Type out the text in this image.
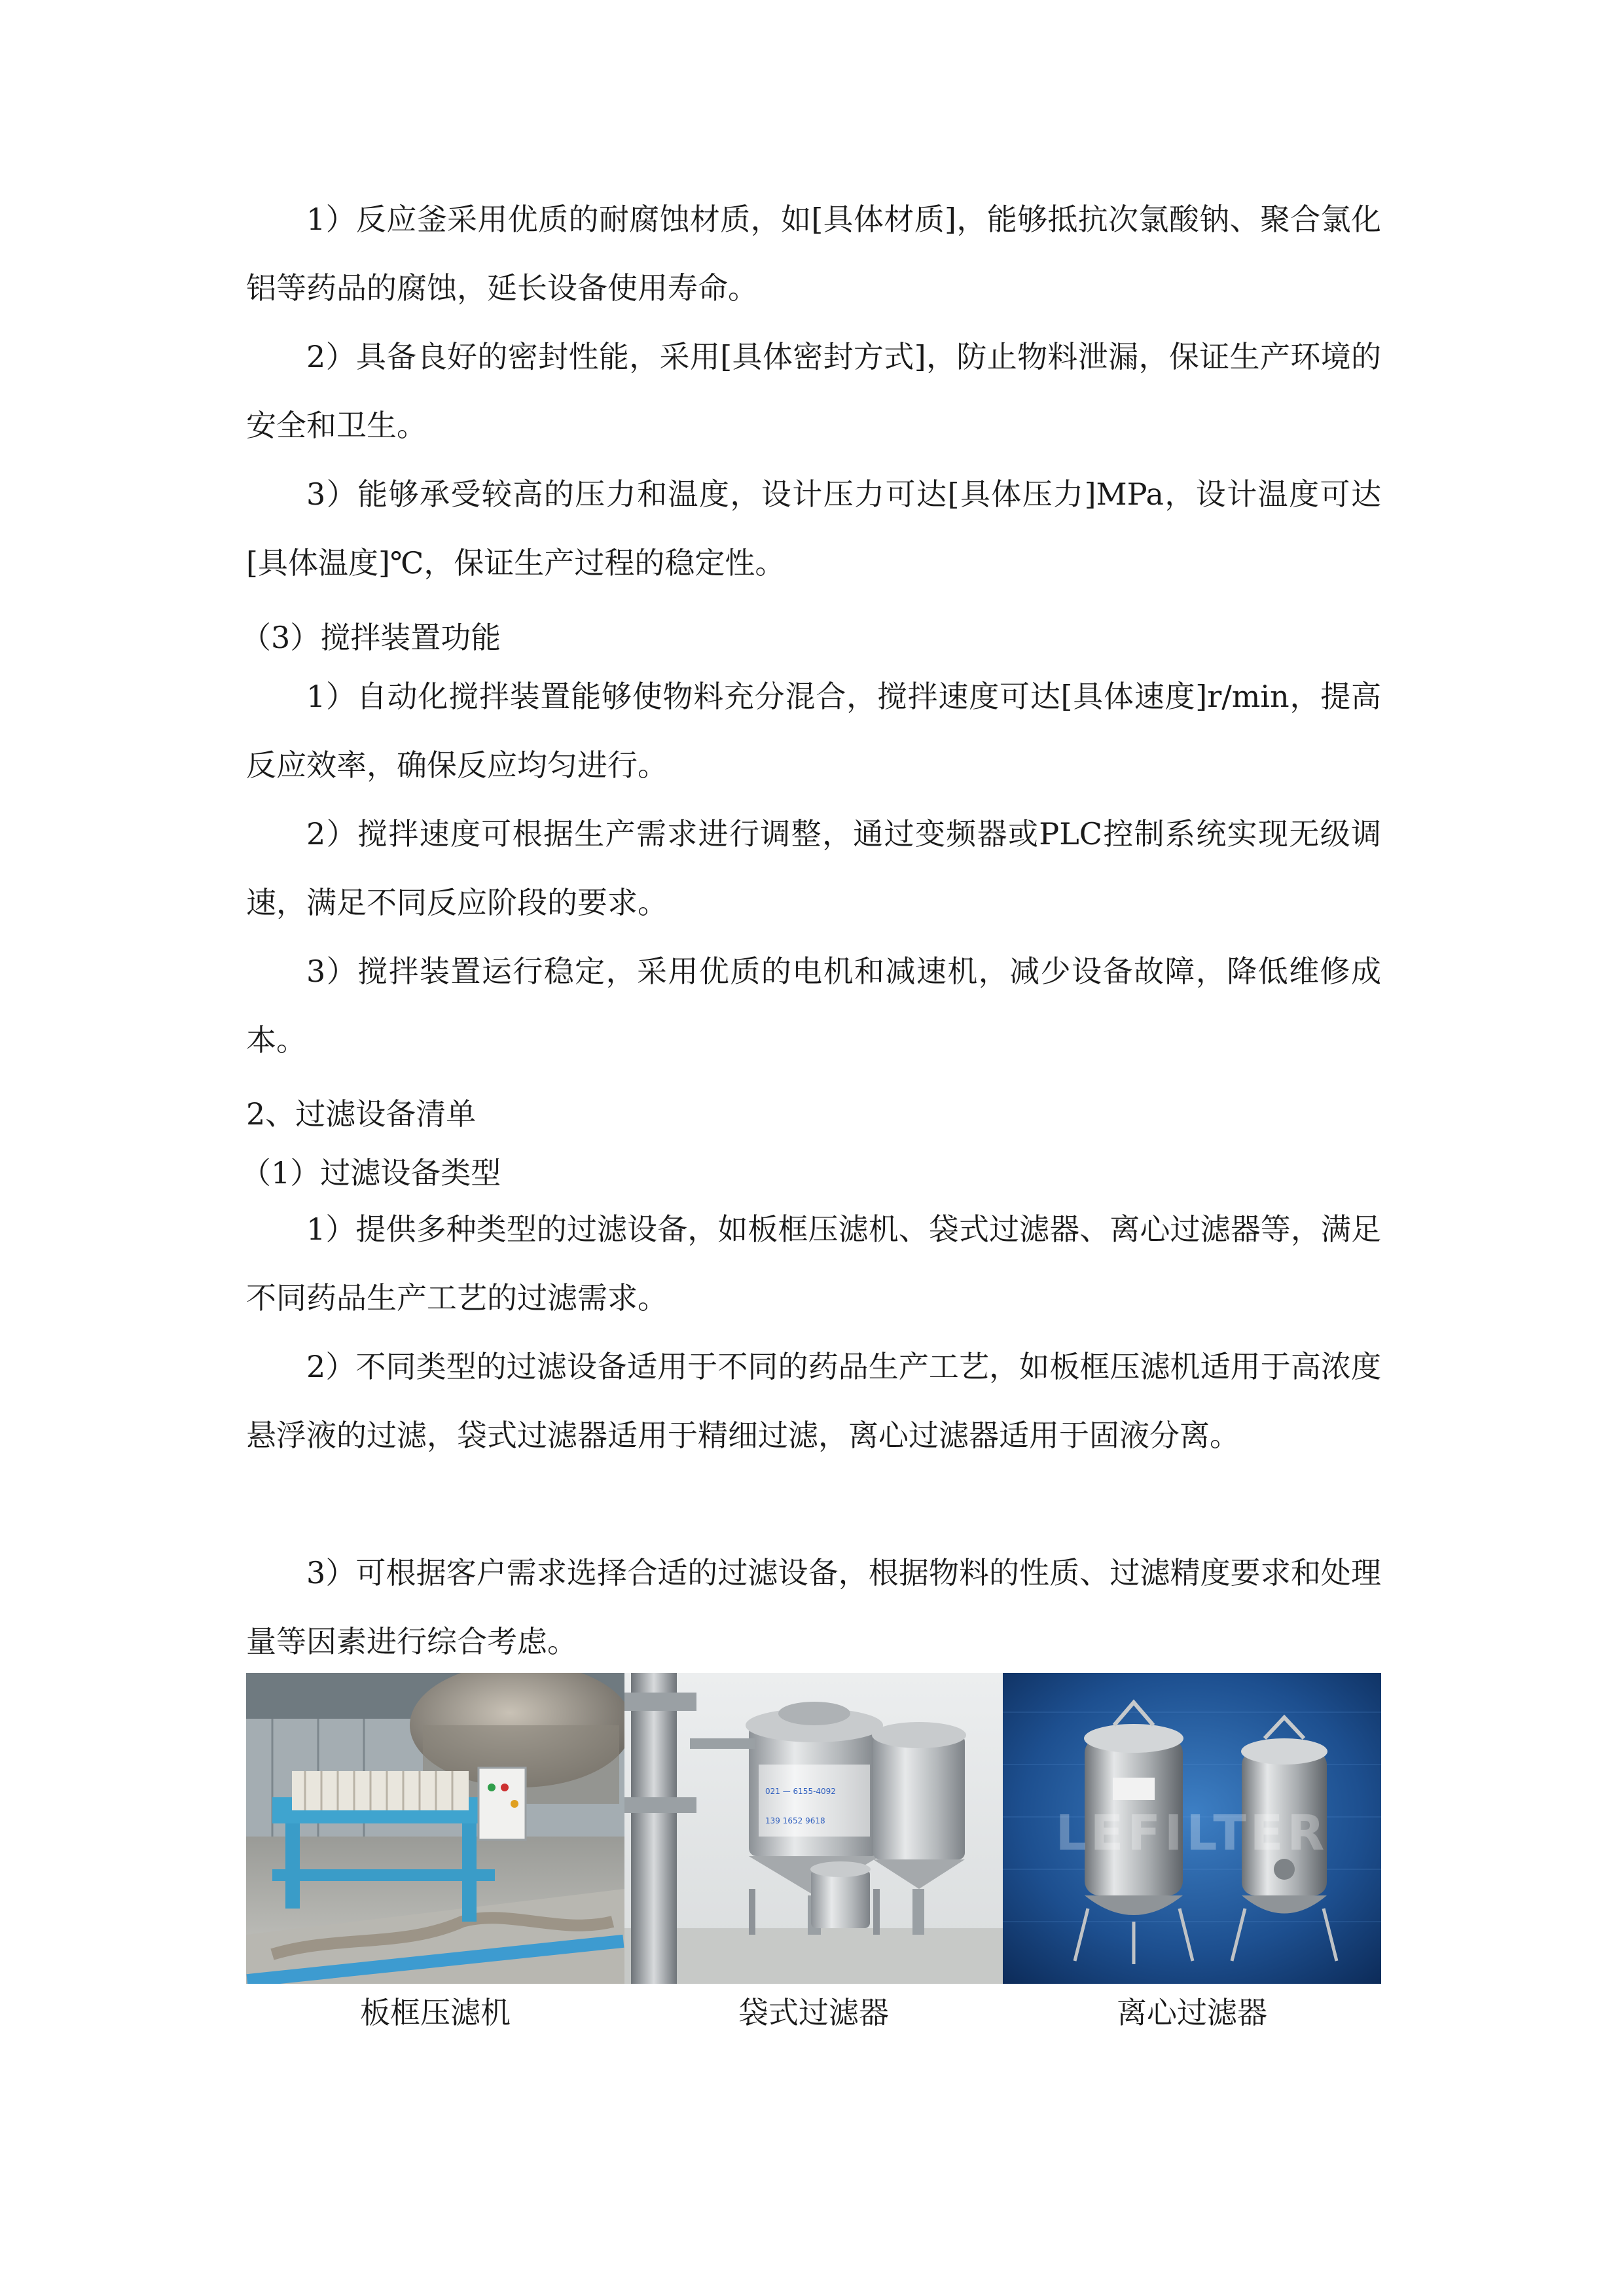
1）反应釜采用优质的耐腐蚀材质，如[具体材质]，能够抵抗次氯酸钠、聚合氯化铝等药品的腐蚀，延长设备使用寿命。

2）具备良好的密封性能，采用[具体密封方式]，防止物料泄漏，保证生产环境的安全和卫生。

3）能够承受较高的压力和温度，设计压力可达[具体压力]MPa，设计温度可达[具体温度]℃，保证生产过程的稳定性。

（3）搅拌装置功能

1）自动化搅拌装置能够使物料充分混合，搅拌速度可达[具体速度]r/min，提高反应效率，确保反应均匀进行。

2）搅拌速度可根据生产需求进行调整，通过变频器或PLC控制系统实现无级调速，满足不同反应阶段的要求。

3）搅拌装置运行稳定，采用优质的电机和减速机，减少设备故障，降低维修成本。

2、过滤设备清单

（1）过滤设备类型

1）提供多种类型的过滤设备，如板框压滤机、袋式过滤器、离心过滤器等，满足不同药品生产工艺的过滤需求。

2）不同类型的过滤设备适用于不同的药品生产工艺，如板框压滤机适用于高浓度悬浮液的过滤，袋式过滤器适用于精细过滤，离心过滤器适用于固液分离。

3）可根据客户需求选择合适的过滤设备，根据物料的性质、过滤精度要求和处理量等因素进行综合考虑。

021 — 6155-4092
139 1652 9618	LEFILTER
板框压滤机	袋式过滤器	离心过滤器
